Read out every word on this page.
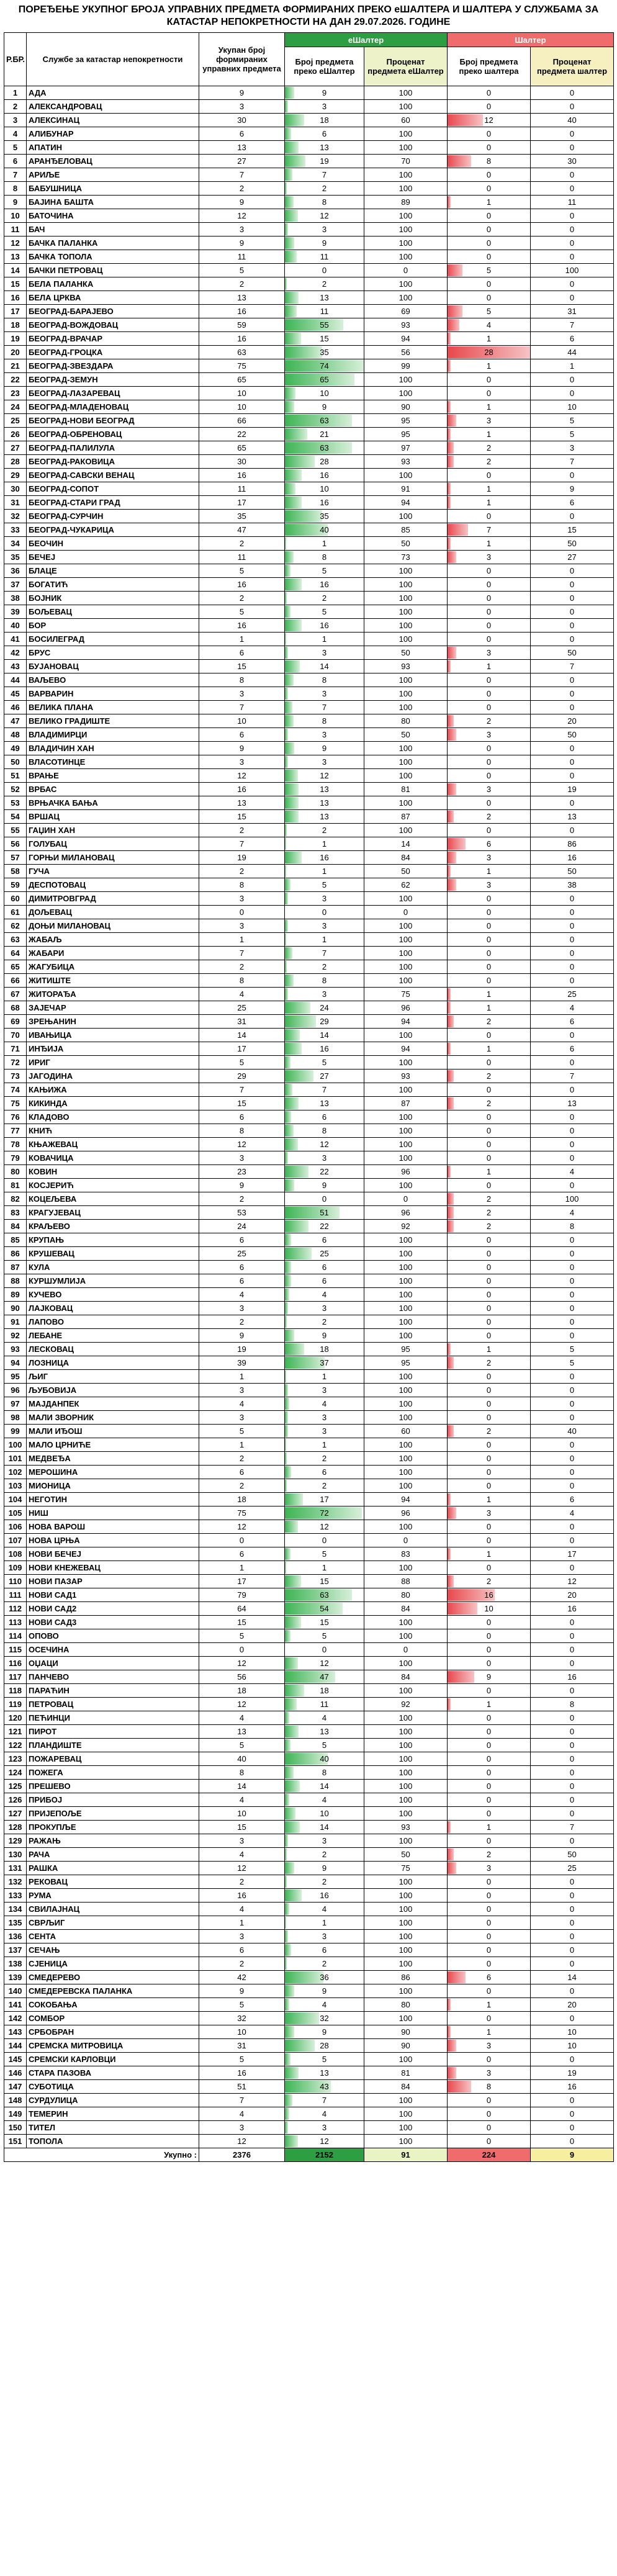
ПОРЕЂЕЊЕ УКУПНОГ БРОЈА УПРАВНИХ ПРЕДМЕТА ФОРМИРАНИХ ПРЕКО еШАЛТЕРА И ШАЛТЕРА У СЛУЖБАМА ЗА КАТАСТАР НЕПОКРЕТНОСТИ НА ДАН 29.07.2026. ГОДИНЕ
Р.БР.	Службе за катастар непокретности	Укупан број формираних управних предмета	еШалтер		Шалтер	
			Број предмета преко еШалтер	Проценат предмета еШалтер	Број предмета преко шалтера	Проценат предмета шалтер
1	АДА	9	9	100	0	0
2	АЛЕКСАНДРОВАЦ	3	3	100	0	0
3	АЛЕКСИНАЦ	30	18	60	12	40
4	АЛИБУНАР	6	6	100	0	0
5	АПАТИН	13	13	100	0	0
6	АРАНЂЕЛОВАЦ	27	19	70	8	30
7	АРИЉЕ	7	7	100	0	0
8	БАБУШНИЦА	2	2	100	0	0
9	БАЈИНА БАШТА	9	8	89	1	11
10	БАТОЧИНА	12	12	100	0	0
11	БАЧ	3	3	100	0	0
12	БАЧКА ПАЛАНКА	9	9	100	0	0
13	БАЧКА ТОПОЛА	11	11	100	0	0
14	БАЧКИ ПЕТРОВАЦ	5	0	0	5	100
15	БЕЛА ПАЛАНКА	2	2	100	0	0
16	БЕЛА ЦРКВА	13	13	100	0	0
17	БЕОГРАД-БАРАЈЕВО	16	11	69	5	31
18	БЕОГРАД-ВОЖДОВАЦ	59	55	93	4	7
19	БЕОГРАД-ВРАЧАР	16	15	94	1	6
20	БЕОГРАД-ГРОЦКА	63	35	56	28	44
21	БЕОГРАД-ЗВЕЗДАРА	75	74	99	1	1
22	БЕОГРАД-ЗЕМУН	65	65	100	0	0
23	БЕОГРАД-ЛАЗАРЕВАЦ	10	10	100	0	0
24	БЕОГРАД-МЛАДЕНОВАЦ	10	9	90	1	10
25	БЕОГРАД-НОВИ БЕОГРАД	66	63	95	3	5
26	БЕОГРАД-ОБРЕНОВАЦ	22	21	95	1	5
27	БЕОГРАД-ПАЛИЛУЛА	65	63	97	2	3
28	БЕОГРАД-РАКОВИЦА	30	28	93	2	7
29	БЕОГРАД-САВСКИ ВЕНАЦ	16	16	100	0	0
30	БЕОГРАД-СОПОТ	11	10	91	1	9
31	БЕОГРАД-СТАРИ ГРАД	17	16	94	1	6
32	БЕОГРАД-СУРЧИН	35	35	100	0	0
33	БЕОГРАД-ЧУКАРИЦА	47	40	85	7	15
34	БЕОЧИН	2	1	50	1	50
35	БЕЧЕЈ	11	8	73	3	27
36	БЛАЦЕ	5	5	100	0	0
37	БОГАТИЋ	16	16	100	0	0
38	БОЈНИК	2	2	100	0	0
39	БОЉЕВАЦ	5	5	100	0	0
40	БОР	16	16	100	0	0
41	БОСИЛЕГРАД	1	1	100	0	0
42	БРУС	6	3	50	3	50
43	БУЈАНОВАЦ	15	14	93	1	7
44	ВАЉЕВО	8	8	100	0	0
45	ВАРВАРИН	3	3	100	0	0
46	ВЕЛИКА ПЛАНА	7	7	100	0	0
47	ВЕЛИКО ГРАДИШТЕ	10	8	80	2	20
48	ВЛАДИМИРЦИ	6	3	50	3	50
49	ВЛАДИЧИН ХАН	9	9	100	0	0
50	ВЛАСОТИНЦЕ	3	3	100	0	0
51	ВРАЊЕ	12	12	100	0	0
52	ВРБАС	16	13	81	3	19
53	ВРЊАЧКА БАЊА	13	13	100	0	0
54	ВРШАЦ	15	13	87	2	13
55	ГАЏИН ХАН	2	2	100	0	0
56	ГОЛУБАЦ	7	1	14	6	86
57	ГОРЊИ МИЛАНОВАЦ	19	16	84	3	16
58	ГУЧА	2	1	50	1	50
59	ДЕСПОТОВАЦ	8	5	62	3	38
60	ДИМИТРОВГРАД	3	3	100	0	0
61	ДОЉЕВАЦ	0	0	0	0	0
62	ДОЊИ МИЛАНОВАЦ	3	3	100	0	0
63	ЖАБАЉ	1	1	100	0	0
64	ЖАБАРИ	7	7	100	0	0
65	ЖАГУБИЦА	2	2	100	0	0
66	ЖИТИШТЕ	8	8	100	0	0
67	ЖИТОРАЂА	4	3	75	1	25
68	ЗАЈЕЧАР	25	24	96	1	4
69	ЗРЕЊАНИН	31	29	94	2	6
70	ИВАЊИЦА	14	14	100	0	0
71	ИНЂИЈА	17	16	94	1	6
72	ИРИГ	5	5	100	0	0
73	ЈАГОДИНА	29	27	93	2	7
74	КАЊИЖА	7	7	100	0	0
75	КИКИНДА	15	13	87	2	13
76	КЛАДОВО	6	6	100	0	0
77	КНИЋ	8	8	100	0	0
78	КЊАЖЕВАЦ	12	12	100	0	0
79	КОВАЧИЦА	3	3	100	0	0
80	КОВИН	23	22	96	1	4
81	КОСЈЕРИЋ	9	9	100	0	0
82	КОЦЕЉЕВА	2	0	0	2	100
83	КРАГУЈЕВАЦ	53	51	96	2	4
84	КРАЉЕВО	24	22	92	2	8
85	КРУПАЊ	6	6	100	0	0
86	КРУШЕВАЦ	25	25	100	0	0
87	КУЛА	6	6	100	0	0
88	КУРШУМЛИЈА	6	6	100	0	0
89	КУЧЕВО	4	4	100	0	0
90	ЛАЈКОВАЦ	3	3	100	0	0
91	ЛАПОВО	2	2	100	0	0
92	ЛЕБАНЕ	9	9	100	0	0
93	ЛЕСКОВАЦ	19	18	95	1	5
94	ЛОЗНИЦА	39	37	95	2	5
95	ЉИГ	1	1	100	0	0
96	ЉУБОВИЈА	3	3	100	0	0
97	МАЈДАНПЕК	4	4	100	0	0
98	МАЛИ ЗВОРНИК	3	3	100	0	0
99	МАЛИ ИЂОШ	5	3	60	2	40
100	МАЛО ЦРНИЋЕ	1	1	100	0	0
101	МЕДВЕЂА	2	2	100	0	0
102	МЕРОШИНА	6	6	100	0	0
103	МИОНИЦА	2	2	100	0	0
104	НЕГОТИН	18	17	94	1	6
105	НИШ	75	72	96	3	4
106	НОВА ВАРОШ	12	12	100	0	0
107	НОВА ЦРЊА	0	0	0	0	0
108	НОВИ БЕЧЕЈ	6	5	83	1	17
109	НОВИ КНЕЖЕВАЦ	1	1	100	0	0
110	НОВИ ПАЗАР	17	15	88	2	12
111	НОВИ САД1	79	63	80	16	20
112	НОВИ САД2	64	54	84	10	16
113	НОВИ САД3	15	15	100	0	0
114	ОПОВО	5	5	100	0	0
115	ОСЕЧИНА	0	0	0	0	0
116	ОЏАЦИ	12	12	100	0	0
117	ПАНЧЕВО	56	47	84	9	16
118	ПАРАЋИН	18	18	100	0	0
119	ПЕТРОВАЦ	12	11	92	1	8
120	ПЕЋИНЦИ	4	4	100	0	0
121	ПИРОТ	13	13	100	0	0
122	ПЛАНДИШТЕ	5	5	100	0	0
123	ПОЖАРЕВАЦ	40	40	100	0	0
124	ПОЖЕГА	8	8	100	0	0
125	ПРЕШЕВО	14	14	100	0	0
126	ПРИБОЈ	4	4	100	0	0
127	ПРИЈЕПОЉЕ	10	10	100	0	0
128	ПРОКУПЉЕ	15	14	93	1	7
129	РАЖАЊ	3	3	100	0	0
130	РАЧА	4	2	50	2	50
131	РАШКА	12	9	75	3	25
132	РЕКОВАЦ	2	2	100	0	0
133	РУМА	16	16	100	0	0
134	СВИЛАЈНАЦ	4	4	100	0	0
135	СВРЉИГ	1	1	100	0	0
136	СЕНТА	3	3	100	0	0
137	СЕЧАЊ	6	6	100	0	0
138	СЈЕНИЦА	2	2	100	0	0
139	СМЕДЕРЕВО	42	36	86	6	14
140	СМЕДЕРЕВСКА ПАЛАНКА	9	9	100	0	0
141	СОКОБАЊА	5	4	80	1	20
142	СОМБОР	32	32	100	0	0
143	СРБОБРАН	10	9	90	1	10
144	СРЕМСКА МИТРОВИЦА	31	28	90	3	10
145	СРЕМСКИ КАРЛОВЦИ	5	5	100	0	0
146	СТАРА ПАЗОВА	16	13	81	3	19
147	СУБОТИЦА	51	43	84	8	16
148	СУРДУЛИЦА	7	7	100	0	0
149	ТЕМЕРИН	4	4	100	0	0
150	ТИТЕЛ	3	3	100	0	0
151	ТОПОЛА	12	12	100	0	0
Укупно :		2376	2152	91	224	9
